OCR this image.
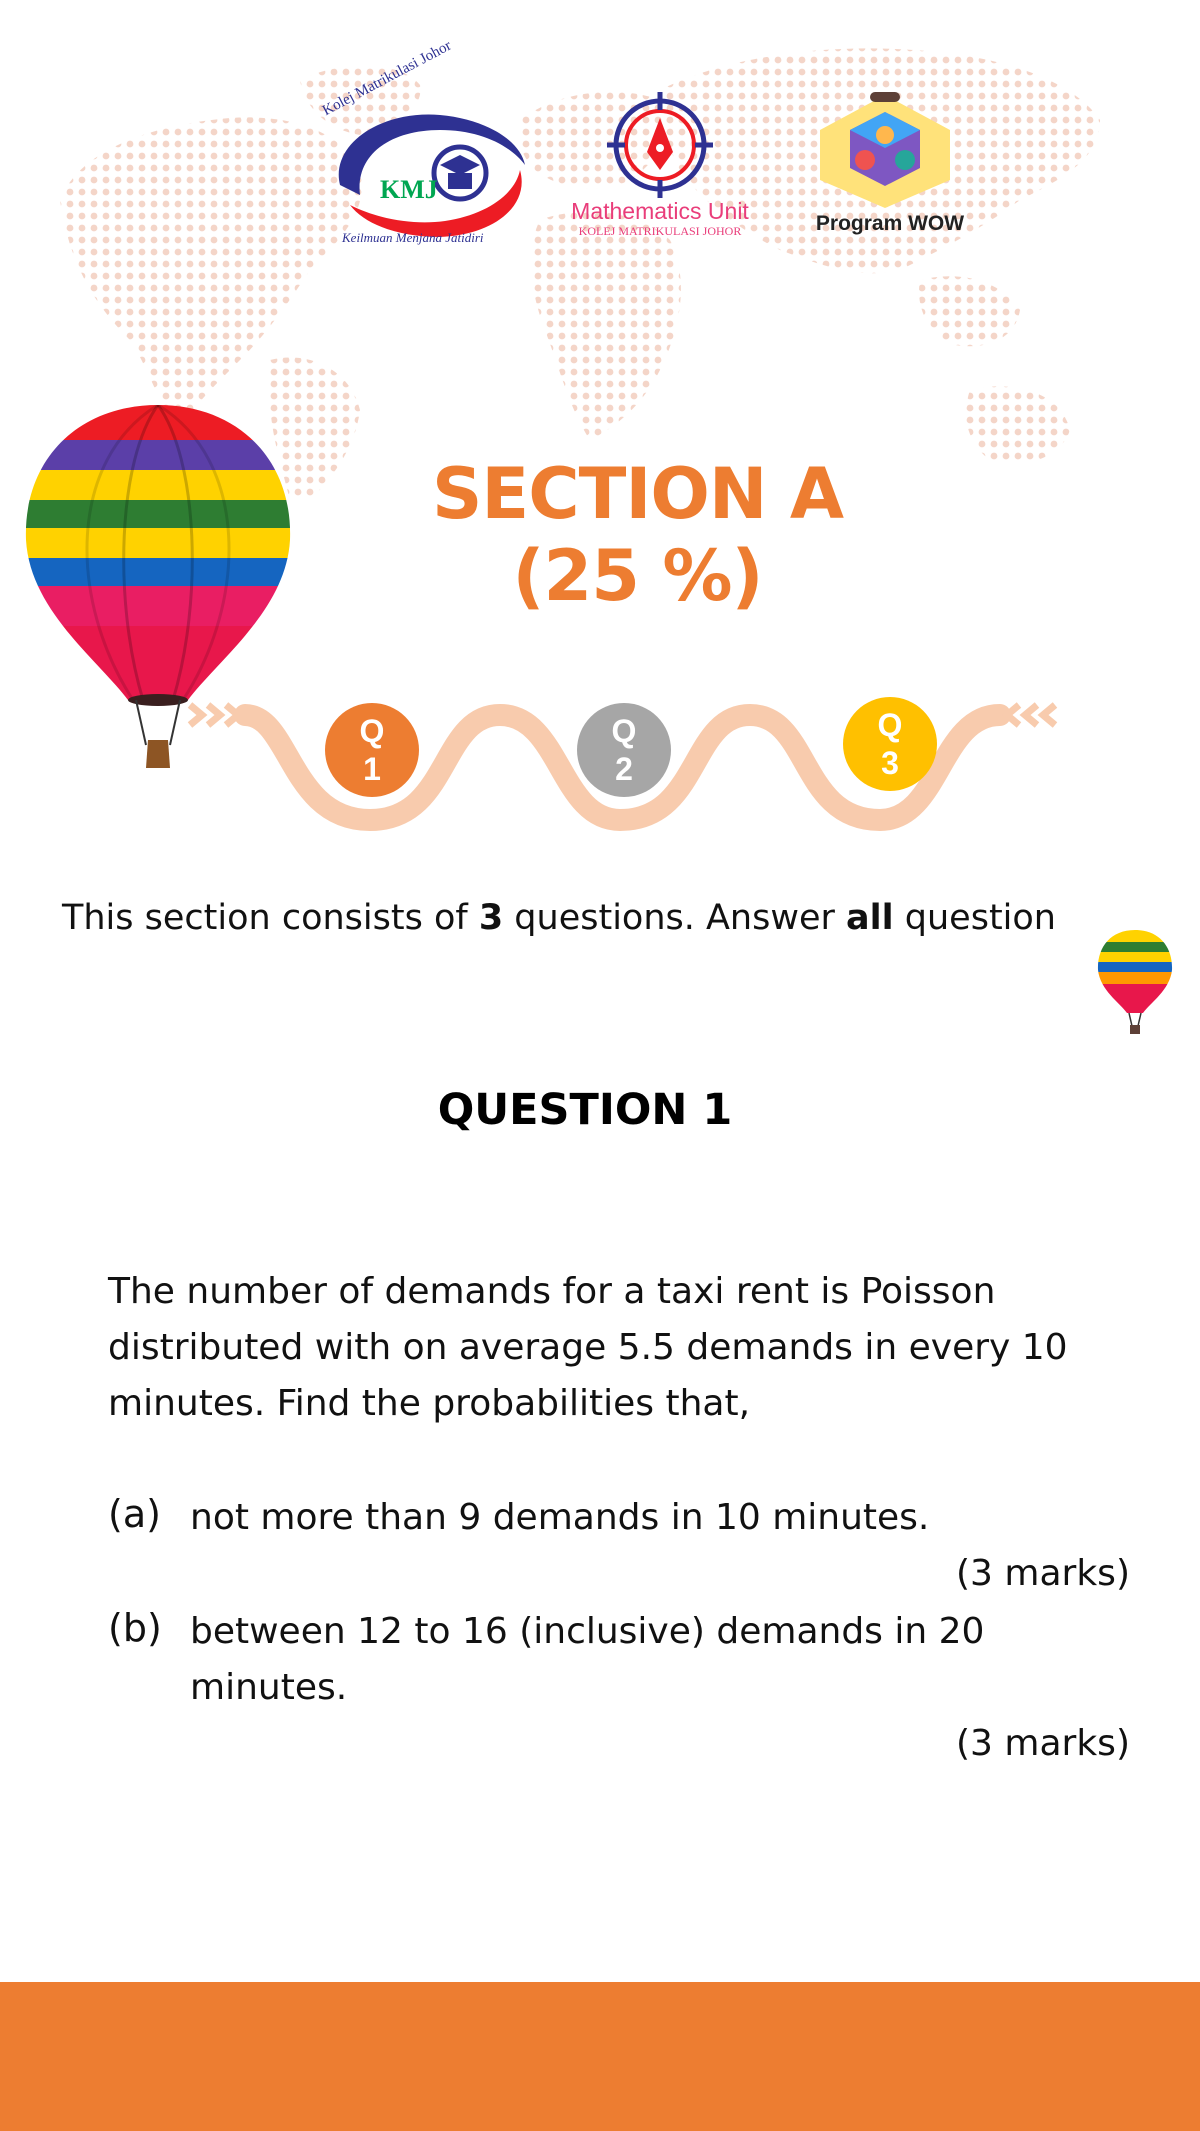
Kolej Matrikulasi Johor
KMJ
Keilmuan Menjana Jatidiri
Mathematics Unit
KOLEJ MATRIKULASI JOHOR	Program WOW
SECTION A
(25 %)
Q
1
Q
2
Q
3
This section consists of 3 questions. Answer all question
QUESTION 1
The number of demands for a taxi rent is Poisson
distributed with on average 5.5 demands in every 10
minutes. Find the probabilities that,
(a) not more than 9 demands in 10 minutes.
(3 marks)
(b) between 12 to 16 (inclusive) demands in 20
minutes.
(3 marks)
